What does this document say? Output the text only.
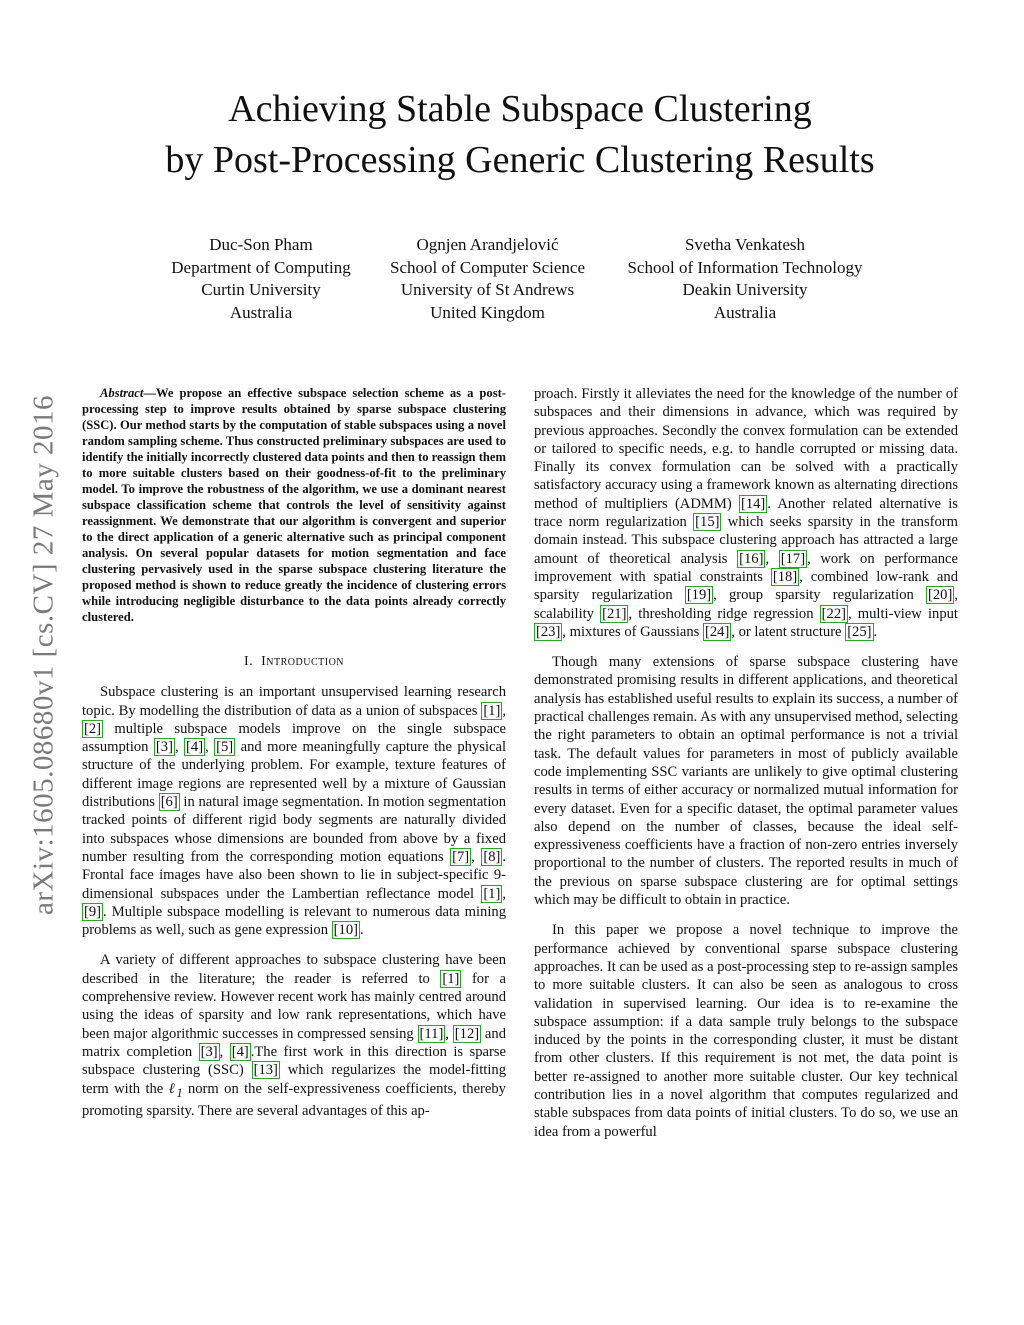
arXiv:1605.08680v1 [cs.CV] 27 May 2016
Achieving Stable Subspace Clustering
by Post-Processing Generic Clustering Results
Duc-Son Pham
Department of Computing
Curtin University
Australia
Ognjen Arandjelović
School of Computer Science
University of St Andrews
United Kingdom
Svetha Venkatesh
School of Information Technology
Deakin University
Australia

Abstract—We propose an effective subspace selection scheme as a post-processing step to improve results obtained by sparse subspace clustering (SSC). Our method starts by the computation of stable subspaces using a novel random sampling scheme. Thus constructed preliminary subspaces are used to identify the initially incorrectly clustered data points and then to reassign them to more suitable clusters based on their goodness-of-fit to the preliminary model. To improve the robustness of the algorithm, we use a dominant nearest subspace classification scheme that controls the level of sensitivity against reassignment. We demonstrate that our algorithm is convergent and superior to the direct application of a generic alternative such as principal component analysis. On several popular datasets for motion segmentation and face clustering pervasively used in the sparse subspace clustering literature the proposed method is shown to reduce greatly the incidence of clustering errors while introducing negligible disturbance to the data points already correctly clustered.

I. Introduction

Subspace clustering is an important unsupervised learning research topic. By modelling the distribution of data as a union of subspaces [1] , [2] multiple subspace models improve on the single subspace assumption [3] , [4] , [5] and more meaningfully capture the physical structure of the underlying problem. For example, texture features of different image regions are represented well by a mixture of Gaussian distributions [6] in natural image segmentation. In motion segmentation tracked points of different rigid body segments are naturally divided into subspaces whose dimensions are bounded from above by a fixed number resulting from the corresponding motion equations [7] , [8] . Frontal face images have also been shown to lie in subject-specific 9-dimensional subspaces under the Lambertian reflectance model [1] , [9] . Multiple subspace modelling is relevant to numerous data mining problems as well, such as gene expression [10] .

A variety of different approaches to subspace clustering have been described in the literature; the reader is referred to [1] for a comprehensive review. However recent work has mainly centred around using the ideas of sparsity and low rank representations, which have been major algorithmic successes in compressed sensing [11] , [12] and matrix completion [3] , [4] .The first work in this direction is sparse subspace clustering (SSC) [13] which regularizes the model-fitting term with the ℓ$_1$ norm on the self-expressiveness coefficients, thereby promoting sparsity. There are several advantages of this ap-

proach. Firstly it alleviates the need for the knowledge of the number of subspaces and their dimensions in advance, which was required by previous approaches. Secondly the convex formulation can be extended or tailored to specific needs, e.g. to handle corrupted or missing data. Finally its convex formulation can be solved with a practically satisfactory accuracy using a framework known as alternating directions method of multipliers (ADMM) [14] . Another related alternative is trace norm regularization [15] which seeks sparsity in the transform domain instead. This subspace clustering approach has attracted a large amount of theoretical analysis [16] , [17] , work on performance improvement with spatial constraints [18] , combined low-rank and sparsity regularization [19] , group sparsity regularization [20] , scalability [21] , thresholding ridge regression [22] , multi-view input [23] , mixtures of Gaussians [24] , or latent structure [25] .

Though many extensions of sparse subspace clustering have demonstrated promising results in different applications, and theoretical analysis has established useful results to explain its success, a number of practical challenges remain. As with any unsupervised method, selecting the right parameters to obtain an optimal performance is not a trivial task. The default values for parameters in most of publicly available code implementing SSC variants are unlikely to give optimal clustering results in terms of either accuracy or normalized mutual information for every dataset. Even for a specific dataset, the optimal parameter values also depend on the number of classes, because the ideal self-expressiveness coefficients have a fraction of non-zero entries inversely proportional to the number of clusters. The reported results in much of the previous on sparse subspace clustering are for optimal settings which may be difficult to obtain in practice.

In this paper we propose a novel technique to improve the performance achieved by conventional sparse subspace clustering approaches. It can be used as a post-processing step to re-assign samples to more suitable clusters. It can also be seen as analogous to cross validation in supervised learning. Our idea is to re-examine the subspace assumption: if a data sample truly belongs to the subspace induced by the points in the corresponding cluster, it must be distant from other clusters. If this requirement is not met, the data point is better re-assigned to another more suitable cluster. Our key technical contribution lies in a novel algorithm that computes regularized and stable subspaces from data points of initial clusters. To do so, we use an idea from a powerful
